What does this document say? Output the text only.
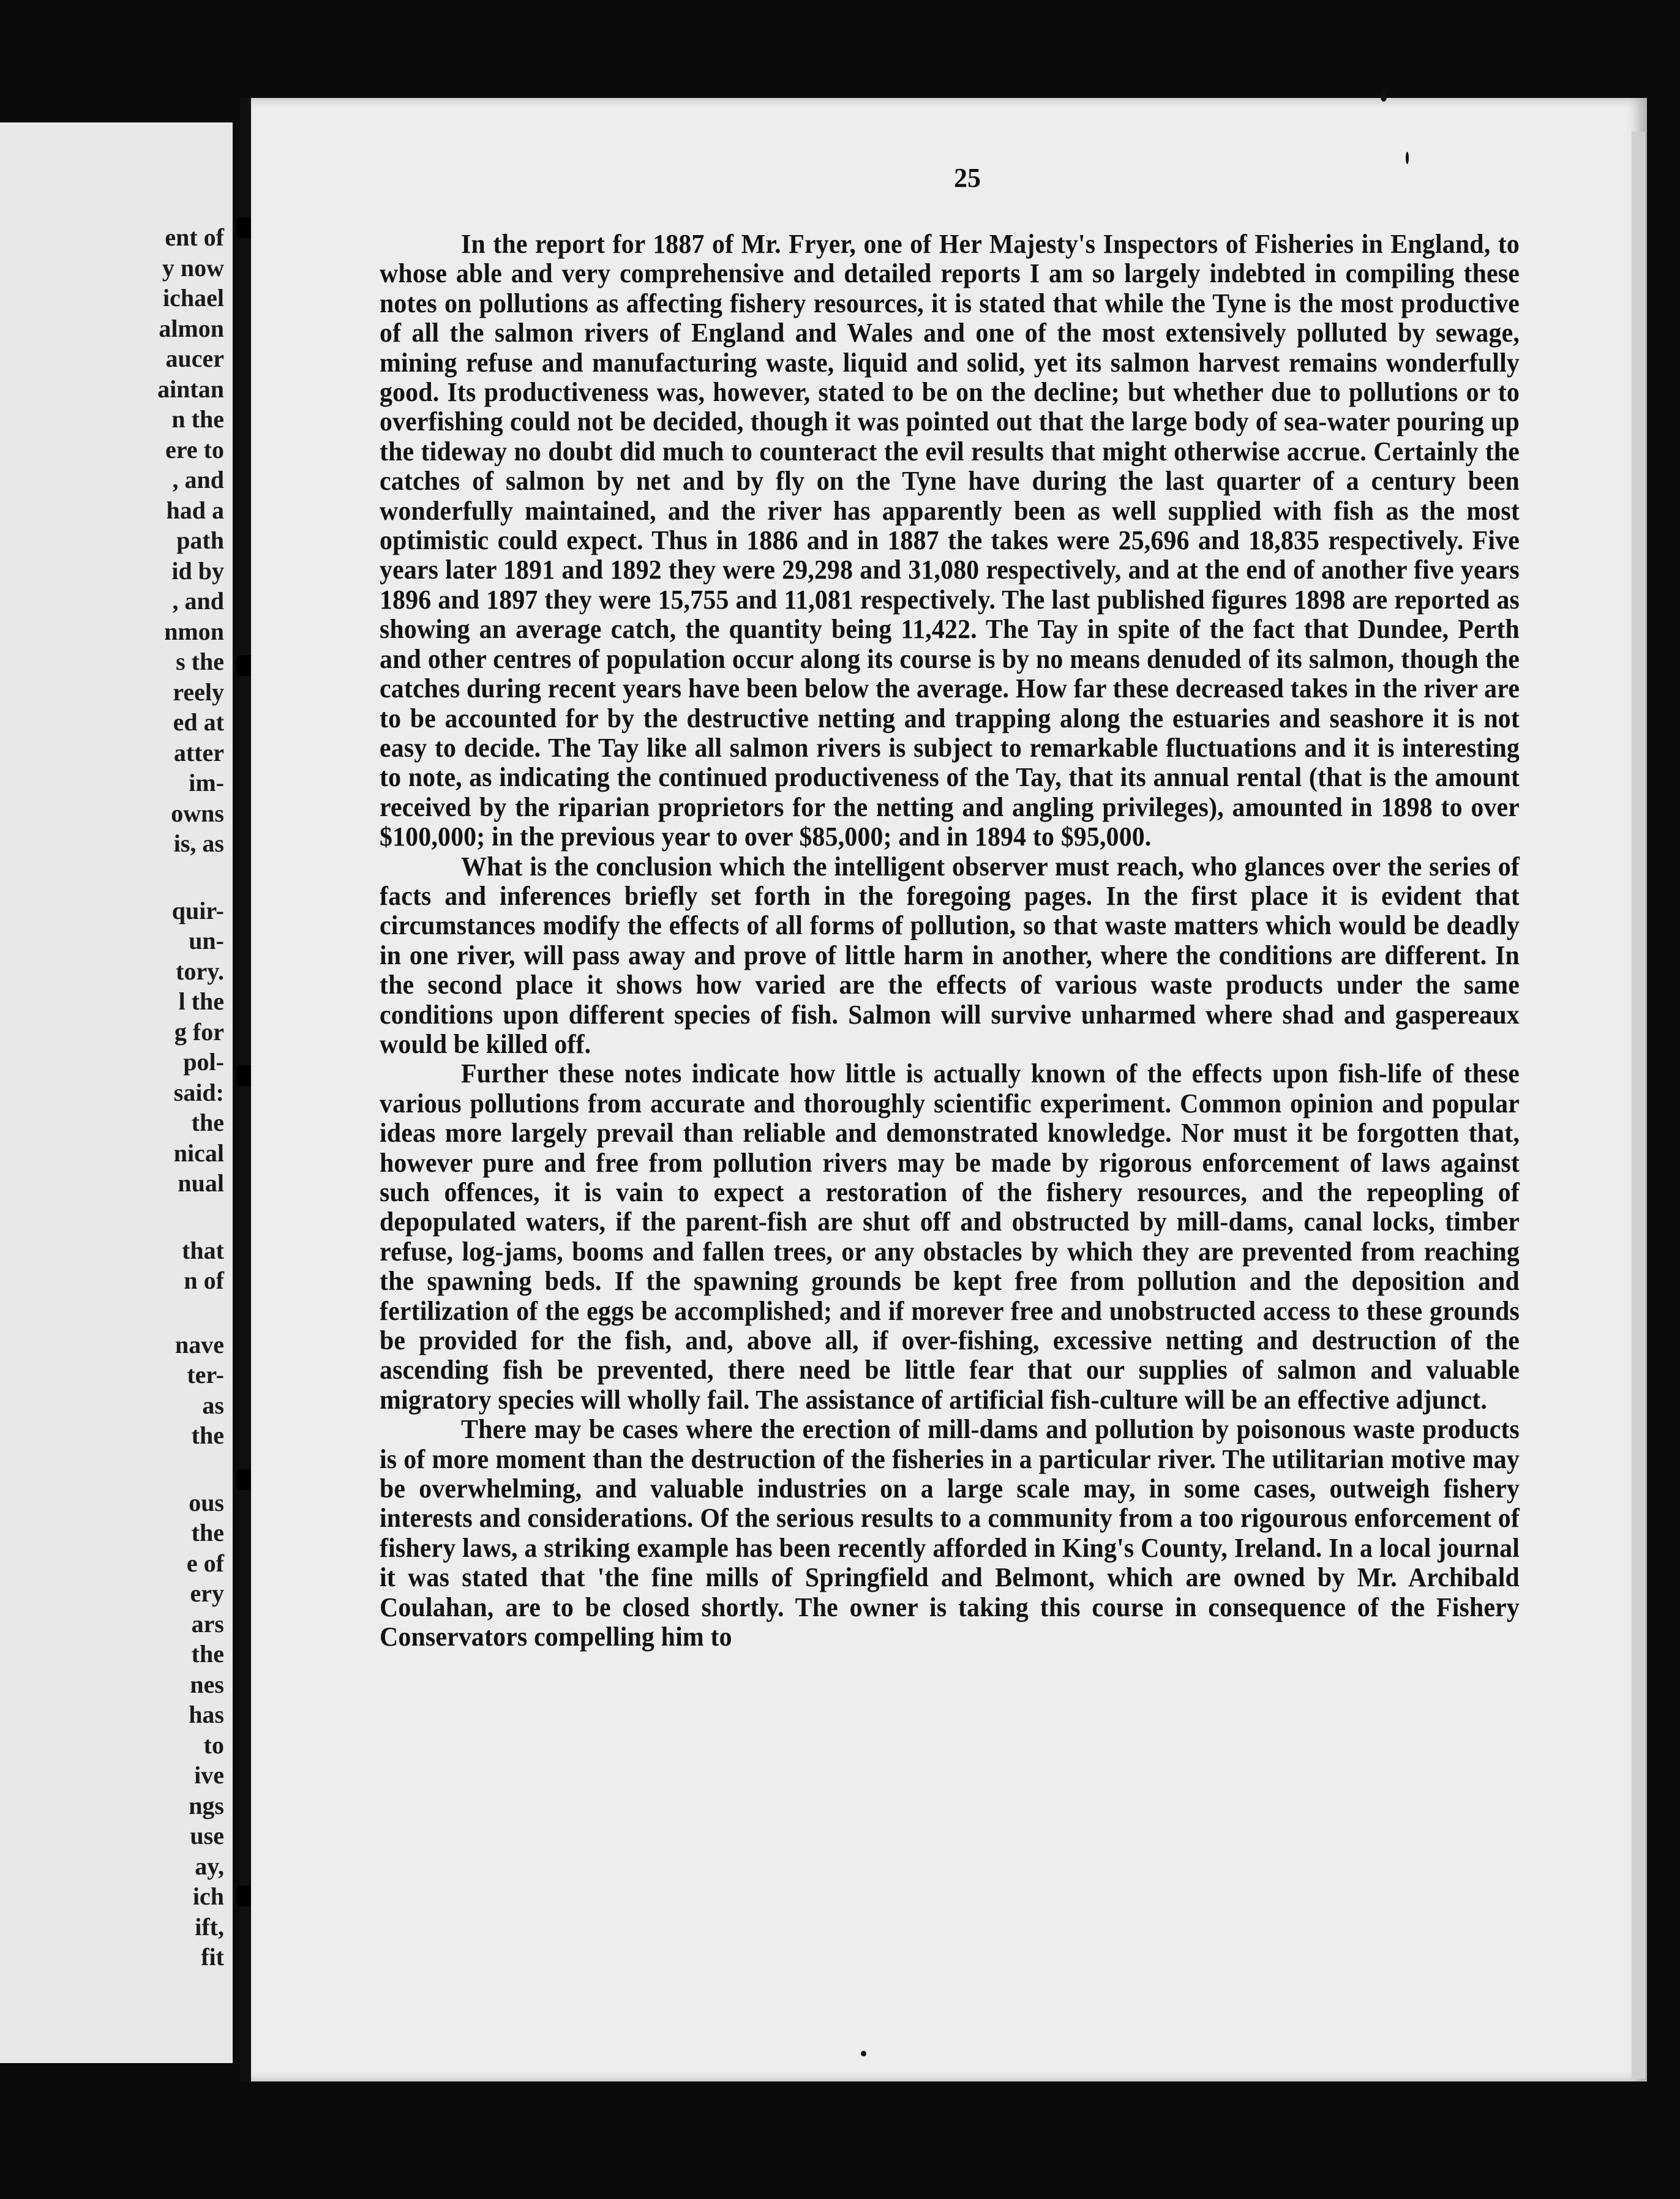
ent of

y now

ichael

almon

aucer

aintan

n the

ere to

, and

had a

path

id by

, and

nmon

s the

reely

ed at

atter

im-

owns

is, as

quir-

un-

tory.

l the

g for

pol-

said:

the

nical

nual

that

n of

nave

ter-

as

the

ous

the

e of

ery

ars

the

nes

has

to

ive

ngs

use

ay,

ich

ift,

fit

25

In the report for 1887 of Mr. Fryer, one of Her Majesty's Inspectors of Fisheries in England, to whose able and very comprehensive and detailed reports I am so largely indebted in compiling these notes on pollutions as affecting fishery resources, it is stated that while the Tyne is the most productive of all the salmon rivers of England and Wales and one of the most extensively polluted by sewage, mining refuse and manufacturing waste, liquid and solid, yet its salmon harvest remains wonderfully good. Its productiveness was, however, stated to be on the decline; but whether due to pollutions or to overfishing could not be decided, though it was pointed out that the large body of sea-water pouring up the tideway no doubt did much to counteract the evil results that might otherwise accrue. Certainly the catches of salmon by net and by fly on the Tyne have during the last quarter of a century been wonderfully maintained, and the river has apparently been as well supplied with fish as the most optimistic could expect. Thus in 1886 and in 1887 the takes were 25,696 and 18,835 respectively. Five years later 1891 and 1892 they were 29,298 and 31,080 respectively, and at the end of another five years 1896 and 1897 they were 15,755 and 11,081 respectively. The last published figures 1898 are reported as showing an average catch, the quantity being 11,422. The Tay in spite of the fact that Dundee, Perth and other centres of population occur along its course is by no means denuded of its salmon, though the catches during recent years have been below the average. How far these decreased takes in the river are to be accounted for by the destructive netting and trapping along the estuaries and seashore it is not easy to decide. The Tay like all salmon rivers is subject to remarkable fluctuations and it is interesting to note, as indicating the continued productiveness of the Tay, that its annual rental (that is the amount received by the riparian proprietors for the netting and angling privileges), amounted in 1898 to over $100,000; in the previous year to over $85,000; and in 1894 to $95,000.

What is the conclusion which the intelligent observer must reach, who glances over the series of facts and inferences briefly set forth in the foregoing pages. In the first place it is evident that circumstances modify the effects of all forms of pollution, so that waste matters which would be deadly in one river, will pass away and prove of little harm in another, where the conditions are different. In the second place it shows how varied are the effects of various waste products under the same conditions upon different species of fish. Salmon will survive unharmed where shad and gaspereaux would be killed off.

Further these notes indicate how little is actually known of the effects upon fish-life of these various pollutions from accurate and thoroughly scientific experiment. Common opinion and popular ideas more largely prevail than reliable and demonstrated knowledge. Nor must it be forgotten that, however pure and free from pollution rivers may be made by rigorous enforcement of laws against such offences, it is vain to expect a restoration of the fishery resources, and the repeopling of depopulated waters, if the parent-fish are shut off and obstructed by mill-dams, canal locks, timber refuse, log-jams, booms and fallen trees, or any obstacles by which they are prevented from reaching the spawning beds. If the spawning grounds be kept free from pollution and the deposition and fertilization of the eggs be accomplished; and if morever free and unobstructed access to these grounds be provided for the fish, and, above all, if over-fishing, excessive netting and destruction of the ascending fish be prevented, there need be little fear that our supplies of salmon and valuable migratory species will wholly fail. The assistance of artificial fish-culture will be an effective adjunct.

There may be cases where the erection of mill-dams and pollution by poisonous waste products is of more moment than the destruction of the fisheries in a particular river. The utilitarian motive may be overwhelming, and valuable industries on a large scale may, in some cases, outweigh fishery interests and considerations. Of the serious results to a community from a too rigourous enforcement of fishery laws, a striking example has been recently afforded in King's County, Ireland. In a local journal it was stated that 'the fine mills of Springfield and Belmont, which are owned by Mr. Archibald Coulahan, are to be closed shortly. The owner is taking this course in consequence of the Fishery Conservators compelling him to
